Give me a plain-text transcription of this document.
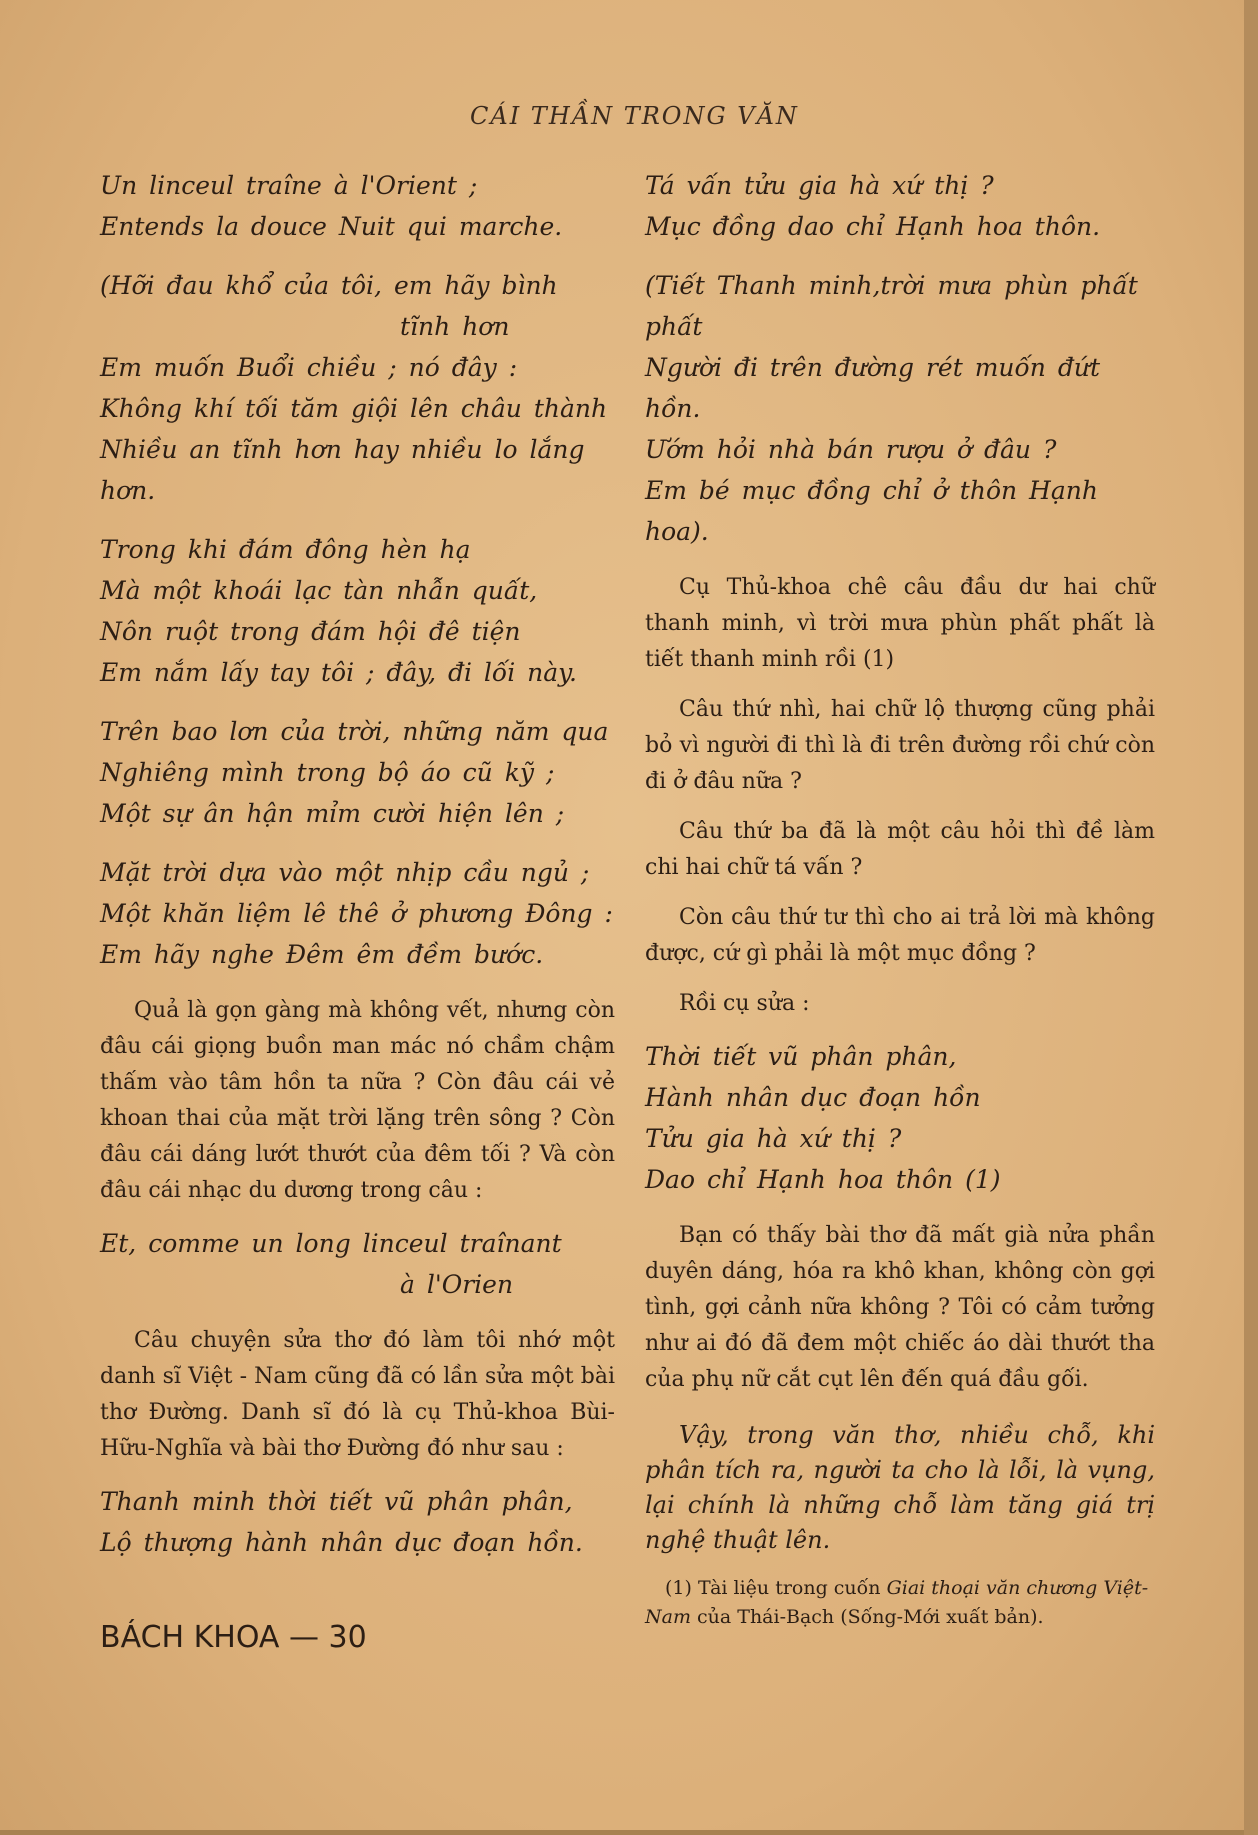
CÁI THẦN TRONG VĂN

Un linceul traîne à l'Orient ;

Entends la douce Nuit qui marche.

(Hỡi đau khổ của tôi, em hãy bình

tĩnh hơn

Em muốn Buổi chiều ; nó đây :

Không khí tối tăm giội lên châu thành

Nhiều an tĩnh hơn hay nhiều lo lắng hơn.

Trong khi đám đông hèn hạ

Mà một khoái lạc tàn nhẫn quất,

Nôn ruột trong đám hội đê tiện

Em nắm lấy tay tôi ; đây, đi lối này.

Trên bao lơn của trời, những năm qua

Nghiêng mình trong bộ áo cũ kỹ ;

Một sự ân hận mỉm cười hiện lên ;

Mặt trời dựa vào một nhịp cầu ngủ ;

Một khăn liệm lê thê ở phương Đông :

Em hãy nghe Đêm êm đềm bước.

Quả là gọn gàng mà không vết, nhưng còn đâu cái giọng buồn man mác nó chầm chậm thấm vào tâm hồn ta nữa ? Còn đâu cái vẻ khoan thai của mặt trời lặng trên sông ? Còn đâu cái dáng lướt thướt của đêm tối ? Và còn đâu cái nhạc du dương trong câu :

Et, comme un long linceul traînant

à l'Orien

Câu chuyện sửa thơ đó làm tôi nhớ một danh sĩ Việt - Nam cũng đã có lần sửa một bài thơ Đường. Danh sĩ đó là cụ Thủ-khoa Bùi-Hữu-Nghĩa và bài thơ Đường đó như sau :

Thanh minh thời tiết vũ phân phân,

Lộ thượng hành nhân dục đoạn hồn.

Tá vấn tửu gia hà xứ thị ?

Mục đồng dao chỉ Hạnh hoa thôn.

(Tiết Thanh minh,trời mưa phùn phất phất

Người đi trên đường rét muốn đứt hồn.

Ướm hỏi nhà bán rượu ở đâu ?

Em bé mục đồng chỉ ở thôn Hạnh hoa).

Cụ Thủ-khoa chê câu đầu dư hai chữ thanh minh, vì trời mưa phùn phất phất là tiết thanh minh rồi (1)

Câu thứ nhì, hai chữ lộ thượng cũng phải bỏ vì người đi thì là đi trên đường rồi chứ còn đi ở đâu nữa ?

Câu thứ ba đã là một câu hỏi thì đề làm chi hai chữ tá vấn ?

Còn câu thứ tư thì cho ai trả lời mà không được, cứ gì phải là một mục đồng ?

Rồi cụ sửa :

Thời tiết vũ phân phân,

Hành nhân dục đoạn hồn

Tửu gia hà xứ thị ?

Dao chỉ Hạnh hoa thôn (1)

Bạn có thấy bài thơ đã mất già nửa phần duyên dáng, hóa ra khô khan, không còn gợi tình, gợi cảnh nữa không ? Tôi có cảm tưởng như ai đó đã đem một chiếc áo dài thướt tha của phụ nữ cắt cụt lên đến quá đầu gối.

Vậy, trong văn thơ, nhiều chỗ, khi phân tích ra, người ta cho là lỗi, là vụng, lại chính là những chỗ làm tăng giá trị nghệ thuật lên.

(1) Tài liệu trong cuốn Giai thoại văn chương Việt-Nam của Thái-Bạch (Sống-Mới xuất bản).
BÁCH KHOA — 30
